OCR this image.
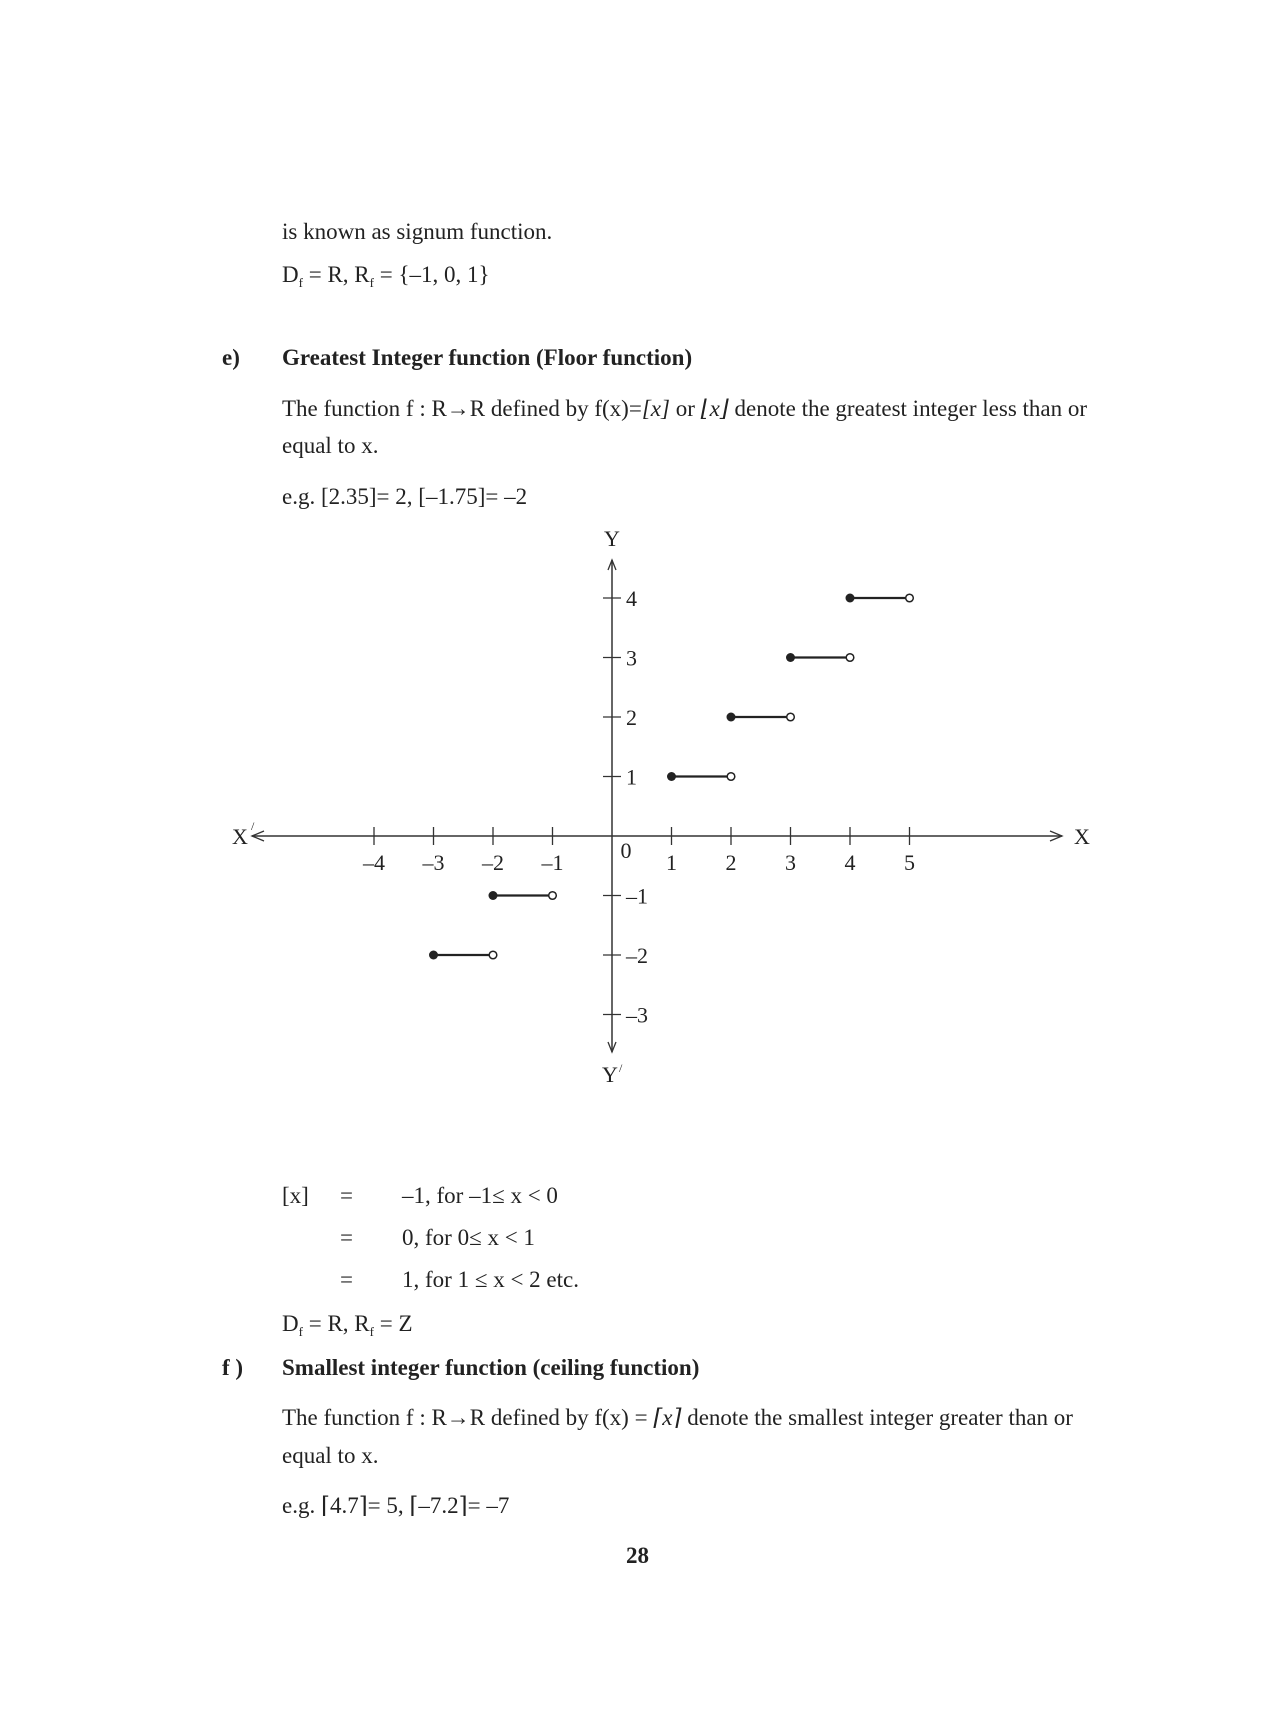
is known as signum function.
$D_f = R$, $R_f = \{-1$, 0, 1}
e) Greatest Integer function (Floor function)
The function f : R→R defined by f(x)=[x] or ⌊x⌋ denote the greatest integer less than or
equal to x.
e.g. [2.35]= 2, [–1.75]= –2
X
X /
Y
Y /
0
–4 –3 –2 –1	1 2 3 4 5
4
3
2
1
–1
–2
–3
[x] = –1, for –1≤ x < 0
= 0, for 0≤ x < 1
= 1, for 1 ≤ x < 2 etc.
$D_f = R$, $R_f = Z$
f ) Smallest integer function (ceiling function)
The function f : R→R defined by f(x) = ⌈x⌉ denote the smallest integer greater than or
equal to x.
e.g. ⌈4.7⌉= 5, ⌈–7.2⌉= –7
28
